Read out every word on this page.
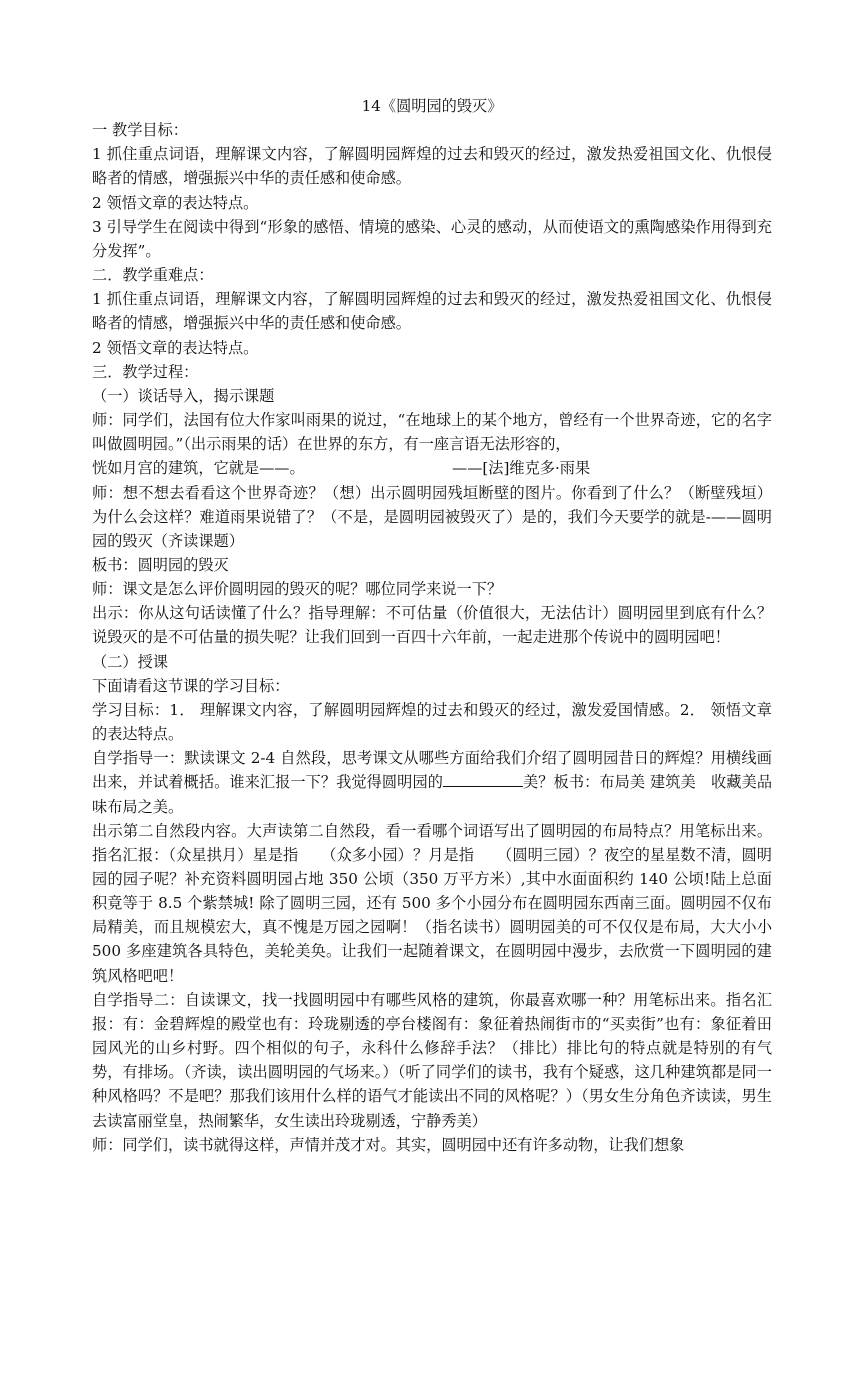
14《圆明园的毁灭》

一 教学目标：

1 抓住重点词语，理解课文内容，了解圆明园辉煌的过去和毁灭的经过，激发热爱祖国文化、仇恨侵略者的情感，增强振兴中华的责任感和使命感。

2 领悟文章的表达特点。

3 引导学生在阅读中得到“形象的感悟、情境的感染、心灵的感动，从而使语文的熏陶感染作用得到充分发挥”。

二．教学重难点：

1 抓住重点词语，理解课文内容，了解圆明园辉煌的过去和毁灭的经过，激发热爱祖国文化、仇恨侵略者的情感，增强振兴中华的责任感和使命感。

2 领悟文章的表达特点。

三．教学过程：

（一）谈话导入，揭示课题

师：同学们，法国有位大作家叫雨果的说过，“在地球上的某个地方，曾经有一个世界奇迹，它的名字叫做圆明园。”（出示雨果的话）在世界的东方，有一座言语无法形容的，

恍如月宫的建筑，它就是——。	——[法]维克多·雨果

师：想不想去看看这个世界奇迹？（想）出示圆明园残垣断壁的图片。你看到了什么？（断壁残垣）为什么会这样？难道雨果说错了？（不是，是圆明园被毁灭了）是的，我们今天要学的就是-——圆明园的毁灭（齐读课题）

板书：圆明园的毁灭

师：课文是怎么评价圆明园的毁灭的呢？哪位同学来说一下？

出示：你从这句话读懂了什么？指导理解：不可估量（价值很大，无法估计）圆明园里到底有什么？说毁灭的是不可估量的损失呢？让我们回到一百四十六年前，一起走进那个传说中的圆明园吧！

（二）授课

下面请看这节课的学习目标：

学习目标：1． 理解课文内容，了解圆明园辉煌的过去和毁灭的经过，激发爱国情感。2． 领悟文章的表达特点。

自学指导一：默读课文 2-4 自然段，思考课文从哪些方面给我们介绍了圆明园昔日的辉煌？用横线画出来，并试着概括。谁来汇报一下？我觉得圆明园的	美？板书：布局美 建筑美　收藏美品味布局之美。

出示第二自然段内容。大声读第二自然段，看一看哪个词语写出了圆明园的布局特点？用笔标出来。指名汇报：（众星拱月）星是指　　（众多小园）？月是指　　（圆明三园）？夜空的星星数不清，圆明园的园子呢？补充资料圆明园占地 350 公顷（350 万平方米）,其中水面面积约 140 公顷!陆上总面积竟等于 8.5 个紫禁城! 除了圆明三园，还有 500 多个小园分布在圆明园东西南三面。圆明园不仅布局精美，而且规模宏大，真不愧是万园之园啊！（指名读书）圆明园美的可不仅仅是布局，大大小小 500 多座建筑各具特色，美轮美奂。让我们一起随着课文，在圆明园中漫步，去欣赏一下圆明园的建筑风格吧吧！

自学指导二：自读课文，找一找圆明园中有哪些风格的建筑，你最喜欢哪一种？用笔标出来。指名汇报：有：金碧辉煌的殿堂也有：玲珑剔透的亭台楼阁有：象征着热闹街市的“买卖街”也有：象征着田园风光的山乡村野。四个相似的句子，永科什么修辞手法？（排比）排比句的特点就是特别的有气势，有排场。（齐读，读出圆明园的气场来。）（听了同学们的读书，我有个疑惑，这几种建筑都是同一种风格吗？不是吧？那我们该用什么样的语气才能读出不同的风格呢？）（男女生分角色齐读读，男生去读富丽堂皇，热闹繁华，女生读出玲珑剔透，宁静秀美）

师：同学们，读书就得这样，声情并茂才对。其实，圆明园中还有许多动物，让我们想象
